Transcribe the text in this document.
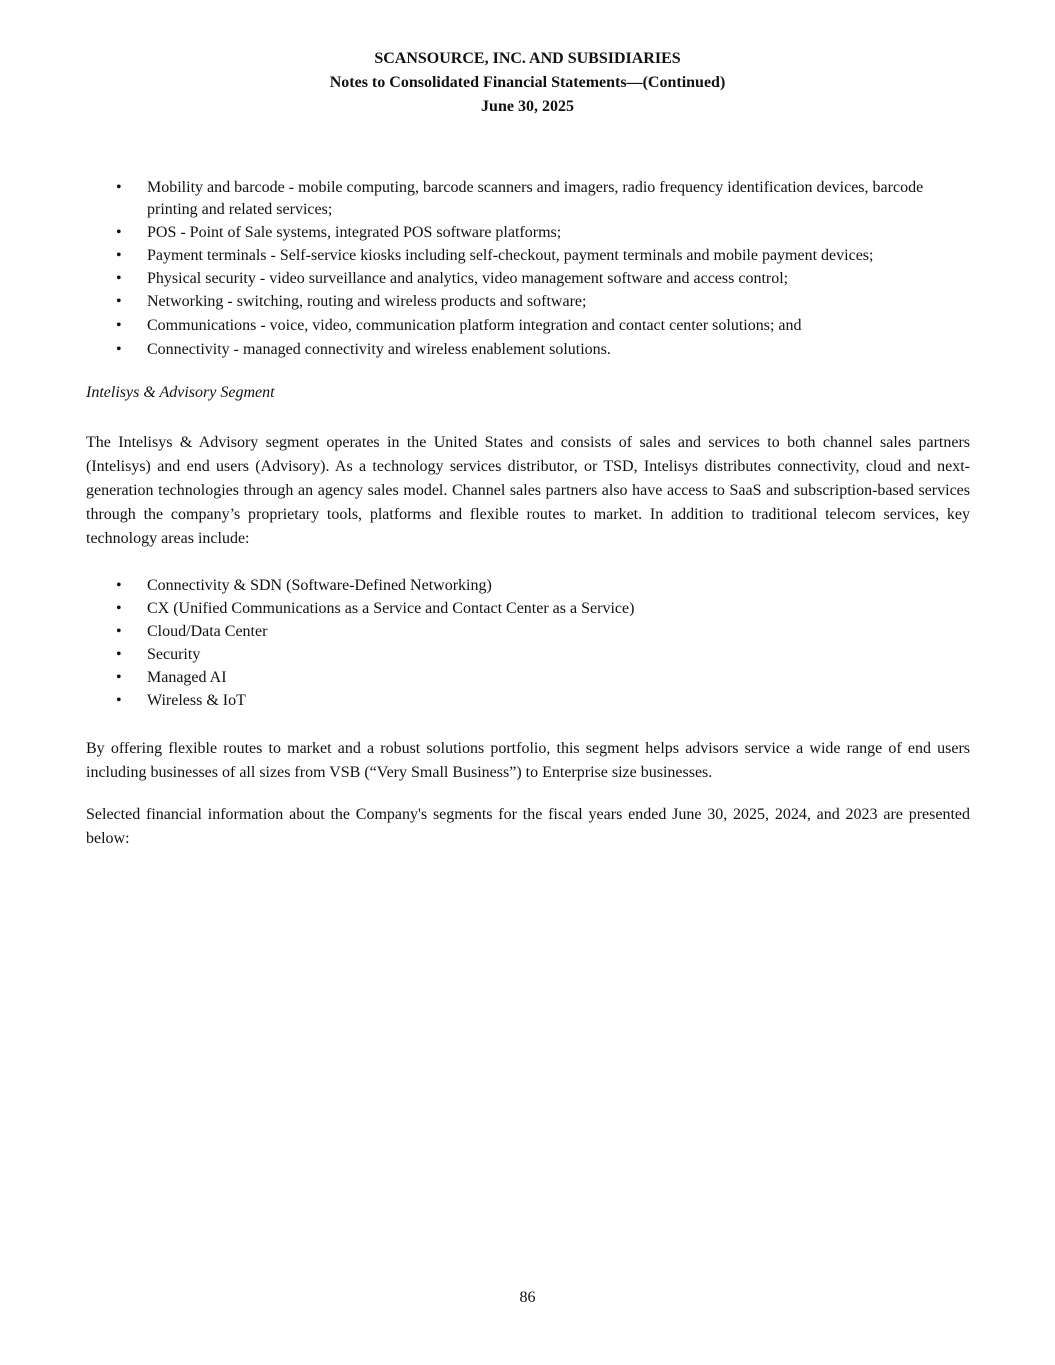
SCANSOURCE, INC. AND SUBSIDIARIES
Notes to Consolidated Financial Statements—(Continued)
June 30, 2025
• Mobility and barcode - mobile computing, barcode scanners and imagers, radio frequency identification devices, barcode printing and related services;
• POS - Point of Sale systems, integrated POS software platforms;
• Payment terminals - Self-service kiosks including self-checkout, payment terminals and mobile payment devices;
• Physical security - video surveillance and analytics, video management software and access control;
• Networking - switching, routing and wireless products and software;
• Communications - voice, video, communication platform integration and contact center solutions; and
• Connectivity - managed connectivity and wireless enablement solutions.
Intelisys & Advisory Segment

The Intelisys & Advisory segment operates in the United States and consists of sales and services to both channel sales partners (Intelisys) and end users (Advisory). As a technology services distributor, or TSD, Intelisys distributes connectivity, cloud and next-generation technologies through an agency sales model. Channel sales partners also have access to SaaS and subscription-based services through the company’s proprietary tools, platforms and flexible routes to market. In addition to traditional telecom services, key technology areas include:

• Connectivity & SDN (Software-Defined Networking)
• CX (Unified Communications as a Service and Contact Center as a Service)
• Cloud/Data Center
• Security
• Managed AI
• Wireless & IoT

By offering flexible routes to market and a robust solutions portfolio, this segment helps advisors service a wide range of end users including businesses of all sizes from VSB (“Very Small Business”) to Enterprise size businesses.

Selected financial information about the Company's segments for the fiscal years ended June 30, 2025, 2024, and 2023 are presented below:

86
